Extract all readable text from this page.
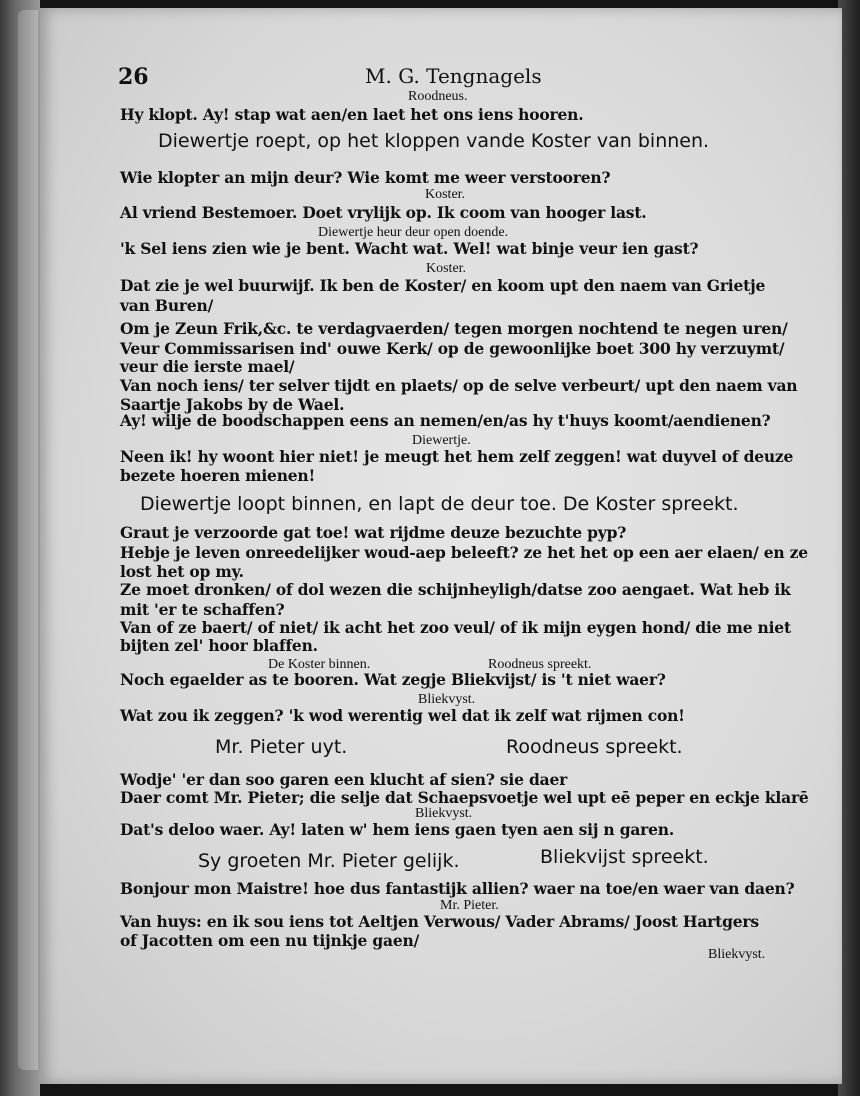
26	M. G. Tengnagels
Roodneus.
Hy klopt. Ay! stap wat aen/en laet het ons iens hooren.
Diewertje roept, op het kloppen vande Koster van binnen.
Wie klopter an mijn deur? Wie komt me weer verstooren?
Koster.
Al vriend Bestemoer. Doet vrylijk op. Ik coom van hooger last.
Diewertje heur deur open doende.
'k Sel iens zien wie je bent. Wacht wat. Wel! wat binje veur ien gast?
Koster.
Dat zie je wel buurwijf. Ik ben de Koster/ en koom upt den naem van Grietje
van Buren/
Om je Zeun Frik,&c. te verdagvaerden/ tegen morgen nochtend te negen uren/
Veur Commissarisen ind' ouwe Kerk/ op de gewoonlijke boet 300 hy verzuymt/
veur die ierste mael/
Van noch iens/ ter selver tijdt en plaets/ op de selve verbeurt/ upt den naem van
Saartje Jakobs by de Wael.
Ay! wilje de boodschappen eens an nemen/en/as hy t'huys koomt/aendienen?
Diewertje.
Neen ik! hy woont hier niet! je meugt het hem zelf zeggen! wat duyvel of deuze
bezete hoeren mienen!
Diewertje loopt binnen, en lapt de deur toe. De Koster spreekt.
Graut je verzoorde gat toe! wat rijdme deuze bezuchte pyp?
Hebje je leven onreedelijker woud-aep beleeft? ze het het op een aer elaen/ en ze
lost het op my.
Ze moet dronken/ of dol wezen die schijnheyligh/datse zoo aengaet. Wat heb ik
mit 'er te schaffen?
Van of ze baert/ of niet/ ik acht het zoo veul/ of ik mijn eygen hond/ die me niet
bijten zel' hoor blaffen.
De Koster binnen.	Roodneus spreekt.
Noch egaelder as te booren. Wat zegje Bliekvijst/ is 't niet waer?
Bliekvyst.
Wat zou ik zeggen? 'k wod werentig wel dat ik zelf wat rijmen con!
Mr. Pieter uyt.	Roodneus spreekt.
Wodje' 'er dan soo garen een klucht af sien? sie daer
Daer comt Mr. Pieter; die selje dat Schaepsvoetje wel upt eē peper en eckje klarē
Bliekvyst.
Dat's deloo waer. Ay! laten w' hem iens gaen tyen aen sij n garen.
Sy groeten Mr. Pieter gelijk.	Bliekvijst spreekt.
Bonjour mon Maistre! hoe dus fantastijk allien? waer na toe/en waer van daen?
Mr. Pieter.
Van huys: en ik sou iens tot Aeltjen Verwous/ Vader Abrams/ Joost Hartgers
of Jacotten om een nu tijnkje gaen/
Bliekvyst.
